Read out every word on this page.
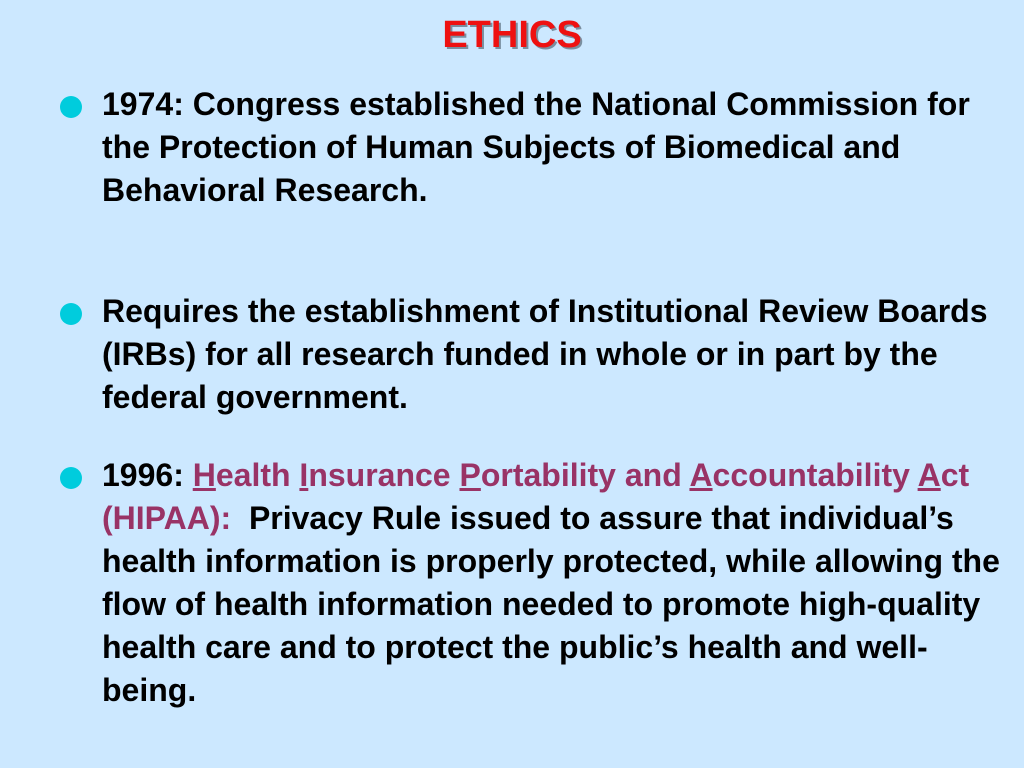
ETHICS
1974: Congress established the National Commission for the Protection of Human Subjects of Biomedical and Behavioral Research.
Requires the establishment of Institutional Review Boards (IRBs) for all research funded in whole or in part by the federal government.
1996: Health Insurance Portability and Accountability Act (HIPAA):  Privacy Rule issued to assure that individual’s health information is properly protected, while allowing the flow of health information needed to promote high-quality health care and to protect the public’s health and well-being.
